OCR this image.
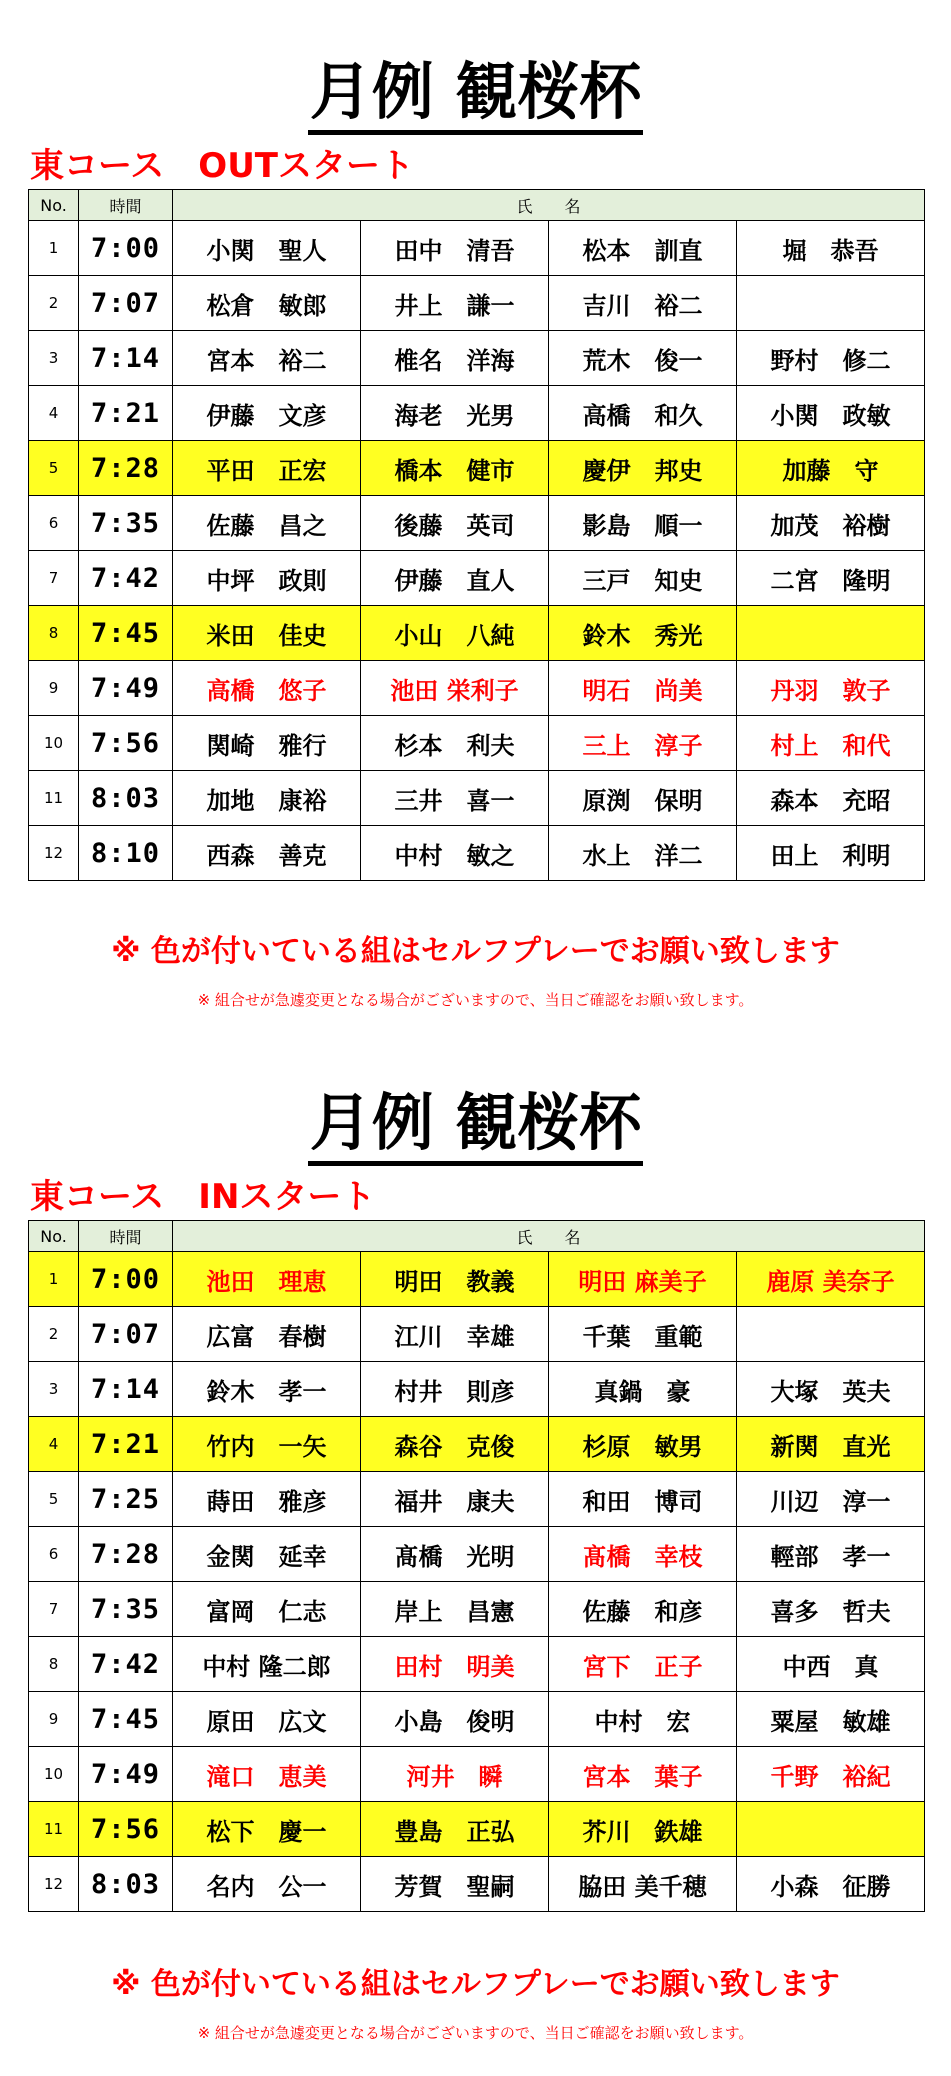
月例 観桜杯
東コース　OUTスタート
No.	時間	氏　　名			
1	7:00	小関　聖人	田中　清吾	松本　訓直	堀　恭吾
2	7:07	松倉　敏郎	井上　謙一	吉川　裕二	
3	7:14	宮本　裕二	椎名　洋海	荒木　俊一	野村　修二
4	7:21	伊藤　文彦	海老　光男	高橋　和久	小関　政敏
5	7:28	平田　正宏	橋本　健市	慶伊　邦史	加藤　守
6	7:35	佐藤　昌之	後藤　英司	影島　順一	加茂　裕樹
7	7:42	中坪　政則	伊藤　直人	三戸　知史	二宮　隆明
8	7:45	米田　佳史	小山　八純	鈴木　秀光	
9	7:49	高橋　悠子	池田 栄利子	明石　尚美	丹羽　敦子
10	7:56	関崎　雅行	杉本　利夫	三上　淳子	村上　和代
11	8:03	加地　康裕	三井　喜一	原渕　保明	森本　充昭
12	8:10	西森　善克	中村　敏之	水上　洋二	田上　利明
※ 色が付いている組はセルフプレーでお願い致します
※ 組合せが急遽変更となる場合がございますので、当日ご確認をお願い致します。
月例 観桜杯
東コース　INスタート
No.	時間	氏　　名			
1	7:00	池田　理恵	明田　教義	明田 麻美子	鹿原 美奈子
2	7:07	広富　春樹	江川　幸雄	千葉　重範	
3	7:14	鈴木　孝一	村井　則彦	真鍋　豪	大塚　英夫
4	7:21	竹内　一矢	森谷　克俊	杉原　敏男	新関　直光
5	7:25	蒔田　雅彦	福井　康夫	和田　博司	川辺　淳一
6	7:28	金関　延幸	髙橋　光明	髙橋　幸枝	輕部　孝一
7	7:35	富岡　仁志	岸上　昌憲	佐藤　和彦	喜多　哲夫
8	7:42	中村 隆二郎	田村　明美	宮下　正子	中西　真
9	7:45	原田　広文	小島　俊明	中村　宏	粟屋　敏雄
10	7:49	滝口　恵美	河井　瞬	宮本　葉子	千野　裕紀
11	7:56	松下　慶一	豊島　正弘	芥川　鉄雄	
12	8:03	名内　公一	芳賀　聖嗣	脇田 美千穂	小森　征勝
※ 色が付いている組はセルフプレーでお願い致します
※ 組合せが急遽変更となる場合がございますので、当日ご確認をお願い致します。
